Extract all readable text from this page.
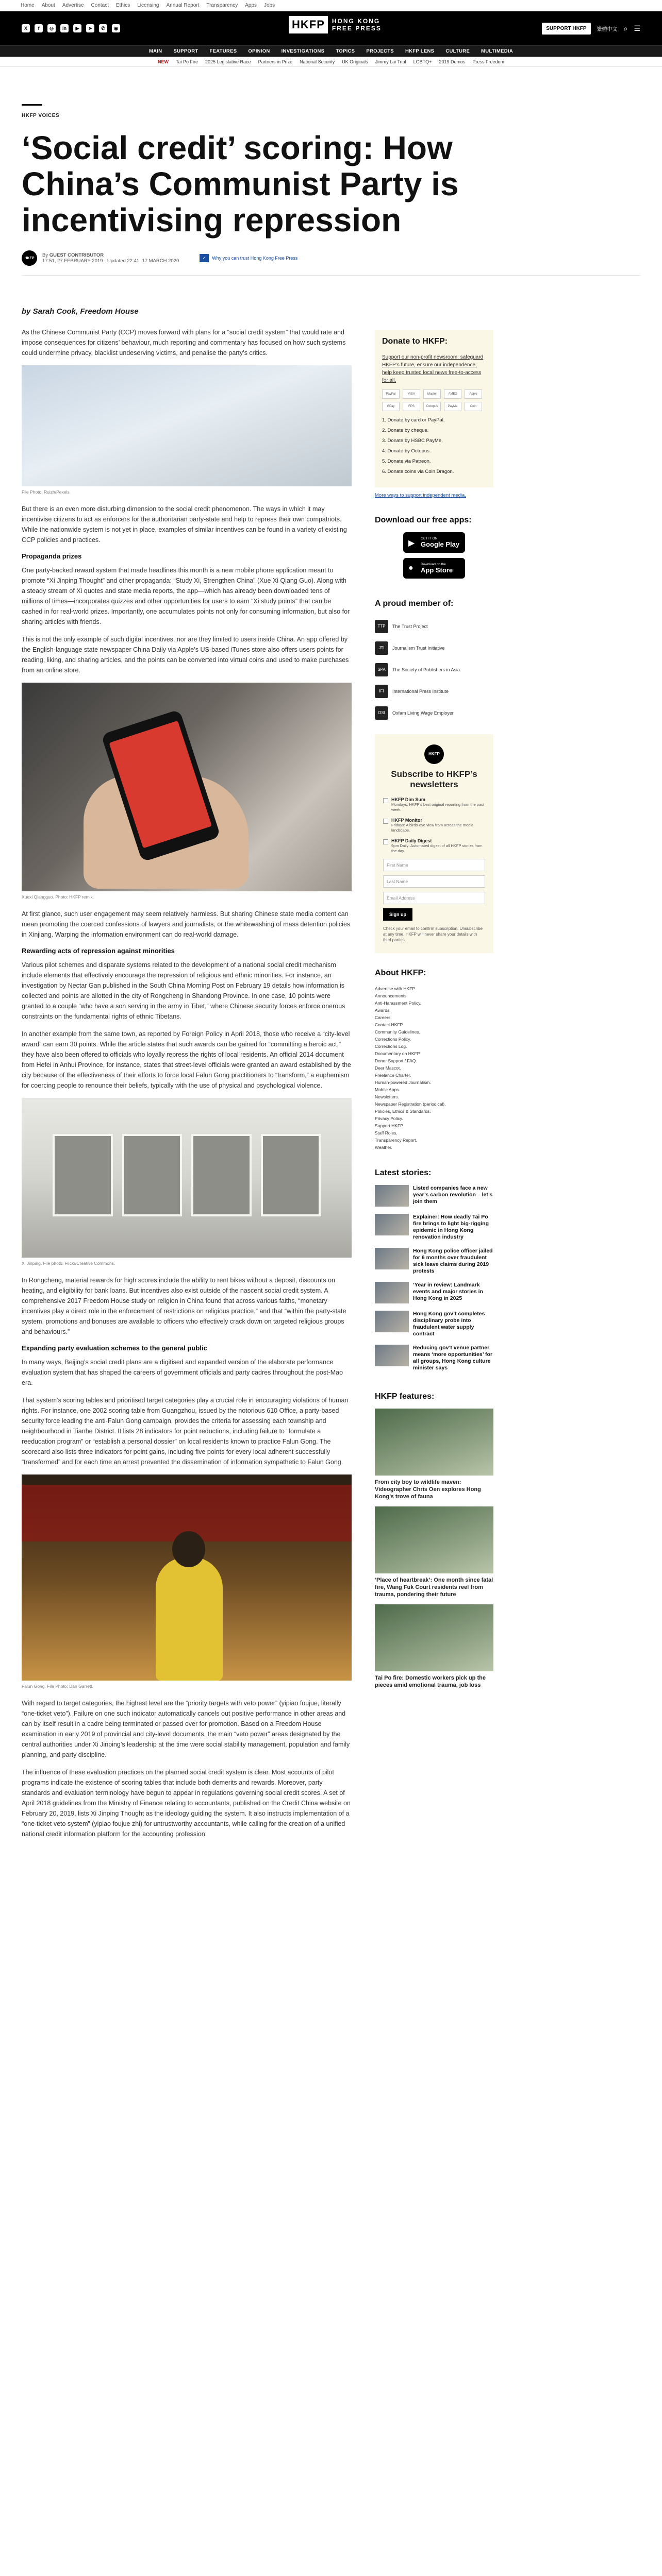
Home About Advertise Contact Ethics Licensing Annual Report Transparency Apps Jobs
X	f	◎	in	▶	➤	✆	◉	HKFP	HONG KONG
FREE PRESS	SUPPORT HKFP	繁體中文 ⌕ ☰
MAIN SUPPORT FEATURES OPINION INVESTIGATIONS TOPICS PROJECTS HKFP LENS CULTURE MULTIMEDIA
NEW Tai Po Fire 2025 Legislative Race Partners in Prize National Security UK Originals Jimmy Lai Trial LGBTQ+ 2019 Demos Press Freedom
HKFP VOICES
‘Social credit’ scoring: How China’s Communist Party is incentivising repression
HKFP	By GUEST CONTRIBUTOR
17:51, 27 FEBRUARY 2019 · Updated 22:41, 17 MARCH 2020
✓	Why you can trust Hong Kong Free Press
by Sarah Cook, Freedom House

As the Chinese Communist Party (CCP) moves forward with plans for a “social credit system” that would rate and impose consequences for citizens’ behaviour, much reporting and commentary has focused on how such systems could undermine privacy, blacklist undeserving victims, and penalise the party’s critics.

File Photo: Ruizh/Pexels.

But there is an even more disturbing dimension to the social credit phenomenon. The ways in which it may incentivise citizens to act as enforcers for the authoritarian party-state and help to repress their own compatriots. While the nationwide system is not yet in place, examples of similar incentives can be found in a variety of existing CCP policies and practices.

Propaganda prizes

One party-backed reward system that made headlines this month is a new mobile phone application meant to promote “Xi Jinping Thought” and other propaganda: “Study Xi, Strengthen China” (Xue Xi Qiang Guo). Along with a steady stream of Xi quotes and state media reports, the app—which has already been downloaded tens of millions of times—incorporates quizzes and other opportunities for users to earn “Xi study points” that can be cashed in for real-world prizes. Importantly, one accumulates points not only for consuming information, but also for sharing articles with friends.

This is not the only example of such digital incentives, nor are they limited to users inside China. An app offered by the English-language state newspaper China Daily via Apple’s US-based iTunes store also offers users points for reading, liking, and sharing articles, and the points can be converted into virtual coins and used to make purchases from an online store.

Xuexi Qiangguo. Photo: HKFP remix.

At first glance, such user engagement may seem relatively harmless. But sharing Chinese state media content can mean promoting the coerced confessions of lawyers and journalists, or the whitewashing of mass detention policies in Xinjiang. Warping the information environment can do real-world damage.

Rewarding acts of repression against minorities

Various pilot schemes and disparate systems related to the development of a national social credit mechanism include elements that effectively encourage the repression of religious and ethnic minorities. For instance, an investigation by Nectar Gan published in the South China Morning Post on February 19 details how information is collected and points are allotted in the city of Rongcheng in Shandong Province. In one case, 10 points were granted to a couple “who have a son serving in the army in Tibet,” where Chinese security forces enforce onerous constraints on the fundamental rights of ethnic Tibetans.

In another example from the same town, as reported by Foreign Policy in April 2018, those who receive a “city-level award” can earn 30 points. While the article states that such awards can be gained for “committing a heroic act,” they have also been offered to officials who loyally repress the rights of local residents. An official 2014 document from Hefei in Anhui Province, for instance, states that street-level officials were granted an award established by the city because of the effectiveness of their efforts to force local Falun Gong practitioners to “transform,” a euphemism for coercing people to renounce their beliefs, typically with the use of physical and psychological violence.

Xi Jinping. File photo: Flickr/Creative Commons.

In Rongcheng, material rewards for high scores include the ability to rent bikes without a deposit, discounts on heating, and eligibility for bank loans. But incentives also exist outside of the nascent social credit system. A comprehensive 2017 Freedom House study on religion in China found that across various faiths, “monetary incentives play a direct role in the enforcement of restrictions on religious practice,” and that “within the party-state system, promotions and bonuses are available to officers who effectively crack down on targeted religious groups and behaviours.”

Expanding party evaluation schemes to the general public

In many ways, Beijing’s social credit plans are a digitised and expanded version of the elaborate performance evaluation system that has shaped the careers of government officials and party cadres throughout the post-Mao era.

That system’s scoring tables and prioritised target categories play a crucial role in encouraging violations of human rights. For instance, one 2002 scoring table from Guangzhou, issued by the notorious 610 Office, a party-based security force leading the anti-Falun Gong campaign, provides the criteria for assessing each township and neighbourhood in Tianhe District. It lists 28 indicators for point reductions, including failure to “formulate a reeducation program” or “establish a personal dossier” on local residents known to practice Falun Gong. The scorecard also lists three indicators for point gains, including five points for every local adherent successfully “transformed” and for each time an arrest prevented the dissemination of information sympathetic to Falun Gong.

Falun Gong. File Photo: Dan Garrett.

With regard to target categories, the highest level are the “priority targets with veto power” (yipiao foujue, literally “one-ticket veto”). Failure on one such indicator automatically cancels out positive performance in other areas and can by itself result in a cadre being terminated or passed over for promotion. Based on a Freedom House examination in early 2019 of provincial and city-level documents, the main “veto power” areas designated by the central authorities under Xi Jinping’s leadership at the time were social stability management, population and family planning, and party discipline.

The influence of these evaluation practices on the planned social credit system is clear. Most accounts of pilot programs indicate the existence of scoring tables that include both demerits and rewards. Moreover, party standards and evaluation terminology have begun to appear in regulations governing social credit scores. A set of April 2018 guidelines from the Ministry of Finance relating to accountants, published on the Credit China website on February 20, 2019, lists Xi Jinping Thought as the ideology guiding the system. It also instructs implementation of a “one-ticket veto system” (yipiao foujue zhi) for untrustworthy accountants, while calling for the creation of a unified national credit information platform for the accounting profession.

Donate to HKFP:

Support our non-profit newsroom: safeguard HKFP’s future, ensure our independence, help keep trusted local news free-to-access for all.

PayPal	VISA	Master	AMEX	Apple
GPay	FPS	Octopus	PayMe	Coin
1. Donate by card or PayPal.
2. Donate by cheque.
3. Donate by HSBC PayMe.
4. Donate by Octopus.
5. Donate via Patreon.
6. Donate coins via Coin Dragon.
More ways to support independent media.
Download our free apps:
▶
GET IT ON
Google Play
● Download on the
App Store
A proud member of:
TTP	The Trust Project
JTI	Journalism Trust Initiative
SPA	The Society of Publishers in Asia
IFI	International Press Institute
OSI	Oxfam Living Wage Employer
HKFP
Subscribe to HKFP’s newsletters
HKFP Dim Sum
Mondays: HKFP’s best original reporting from the past week.
HKFP Monitor
Fridays: A birds-eye view from across the media landscape.
HKFP Daily Digest
9pm Daily: Automated digest of all HKFP stories from the day.
First Name
Last Name
Email Address
Sign up
Check your email to confirm subscription. Unsubscribe at any time. HKFP will never share your details with third parties.
About HKFP:
Advertise with HKFP.
Announcements.
Anti-Harassment Policy.
Awards.
Careers.
Contact HKFP.
Community Guidelines.
Corrections Policy.
Corrections Log.
Documentary on HKFP.
Donor Support / FAQ.
Deer Mascot.
Freelance Charter.
Human-powered Journalism.
Mobile Apps.
Newsletters.
Newspaper Registration (periodical).
Policies, Ethics & Standards.
Privacy Policy.
Support HKFP.
Staff Roles.
Transparency Report.
Weather.
Latest stories:
Listed companies face a new year’s carbon revolution – let’s join them
Explainer: How deadly Tai Po fire brings to light big-rigging epidemic in Hong Kong renovation industry
Hong Kong police officer jailed for 6 months over fraudulent sick leave claims during 2019 protests
‘Year in review: Landmark events and major stories in Hong Kong in 2025
Hong Kong gov’t completes disciplinary probe into fraudulent water supply contract
Reducing gov’t venue partner means ‘more opportunities’ for all groups, Hong Kong culture minister says
HKFP features:
From city boy to wildlife maven: Videographer Chris Oen explores Hong Kong’s trove of fauna
‘Place of heartbreak’: One month since fatal fire, Wang Fuk Court residents reel from trauma, pondering their future
Tai Po fire: Domestic workers pick up the pieces amid emotional trauma, job loss
